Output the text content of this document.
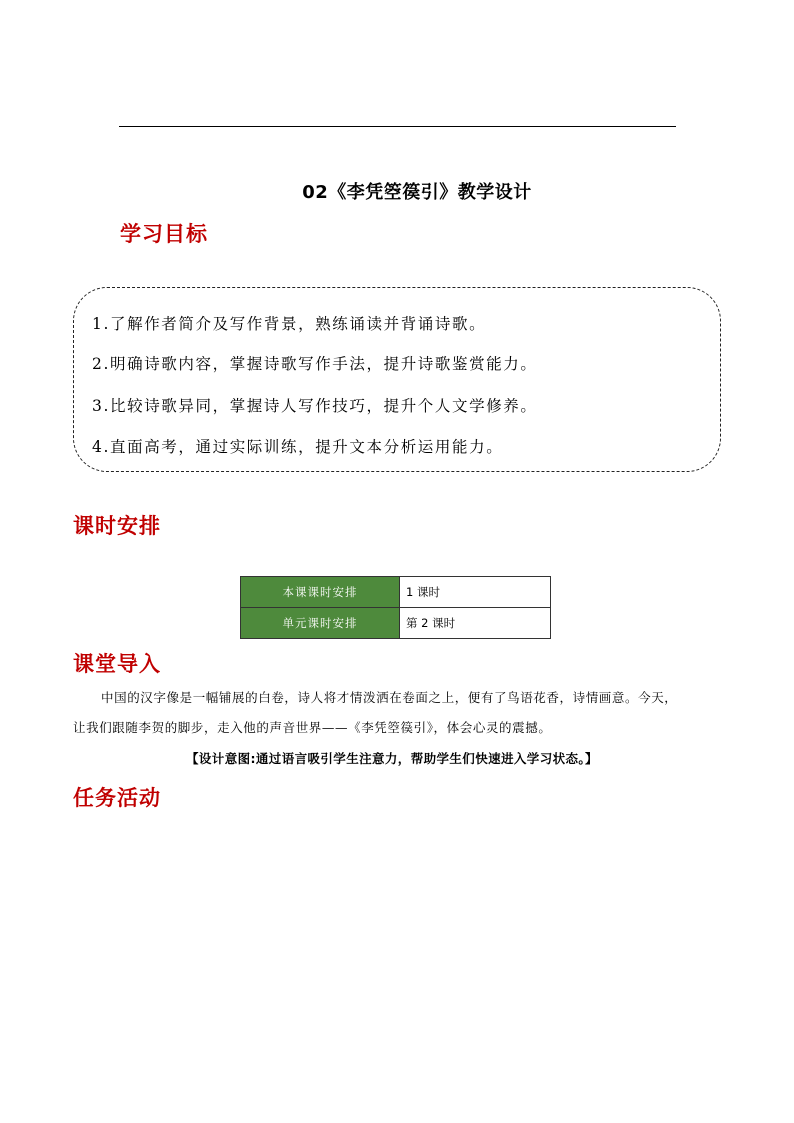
02《李凭箜篌引》教学设计
学习目标
1.了解作者简介及写作背景，熟练诵读并背诵诗歌。
2.明确诗歌内容，掌握诗歌写作手法，提升诗歌鉴赏能力。
3.比较诗歌异同，掌握诗人写作技巧，提升个人文学修养。
4.直面高考，通过实际训练，提升文本分析运用能力。
课时安排
本课课时安排	1 课时
单元课时安排	第 2 课时
课堂导入
中国的汉字像是一幅铺展的白卷，诗人将才情泼洒在卷面之上，便有了鸟语花香，诗情画意。今天，
让我们跟随李贺的脚步，走入他的声音世界——《李凭箜篌引》，体会心灵的震撼。
【设计意图:通过语言吸引学生注意力，帮助学生们快速进入学习状态。】
任务活动
